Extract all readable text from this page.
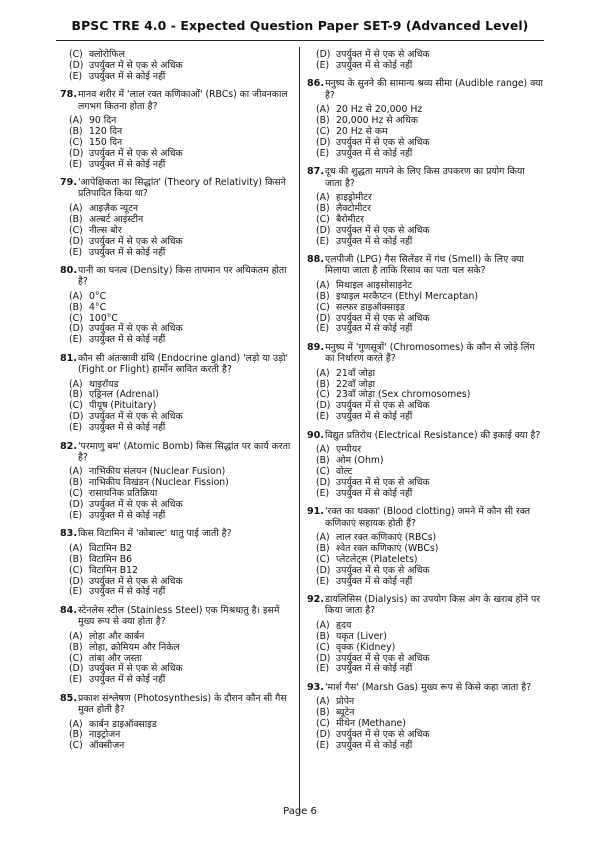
BPSC TRE 4.0 - Expected Question Paper SET-9 (Advanced Level)
(C) क्लोरोफिल
(D) उपर्युक्त में से एक से अधिक
(E) उपर्युक्त में से कोई नहीं
78. मानव शरीर में 'लाल रक्त कणिकाओं' (RBCs) का जीवनकाल लगभग कितना होता है?
(A) 90 दिन
(B) 120 दिन
(C) 150 दिन
(D) उपर्युक्त में से एक से अधिक
(E) उपर्युक्त में से कोई नहीं
79. 'आपेक्षिकता का सिद्धांत' (Theory of Relativity) किसने प्रतिपादित किया था?
(A) आइज़ैक न्यूटन
(B) अल्बर्ट आइंस्टीन
(C) नील्स बोर
(D) उपर्युक्त में से एक से अधिक
(E) उपर्युक्त में से कोई नहीं
80. पानी का घनत्व (Density) किस तापमान पर अधिकतम होता है?
(A) 0°C
(B) 4°C
(C) 100°C
(D) उपर्युक्त में से एक से अधिक
(E) उपर्युक्त में से कोई नहीं
81. कौन सी अंतःस्रावी ग्रंथि (Endocrine gland) 'लड़ो या उड़ो' (Fight or Flight) हार्मोन स्रावित करती है?
(A) थाइरॉयड
(B) एड्रिनल (Adrenal)
(C) पीयूष (Pituitary)
(D) उपर्युक्त में से एक से अधिक
(E) उपर्युक्त में से कोई नहीं
82. 'परमाणु बम' (Atomic Bomb) किस सिद्धांत पर कार्य करता है?
(A) नाभिकीय संलयन (Nuclear Fusion)
(B) नाभिकीय विखंडन (Nuclear Fission)
(C) रासायनिक प्रतिक्रिया
(D) उपर्युक्त में से एक से अधिक
(E) उपर्युक्त में से कोई नहीं
83. किस विटामिन में 'कोबाल्ट' धातु पाई जाती है?
(A) विटामिन B2
(B) विटामिन B6
(C) विटामिन B12
(D) उपर्युक्त में से एक से अधिक
(E) उपर्युक्त में से कोई नहीं
84. स्टेनलेस स्टील (Stainless Steel) एक मिश्रधातु है। इसमें मुख्य रूप से क्या होता है?
(A) लोहा और कार्बन
(B) लोहा, क्रोमियम और निकेल
(C) तांबा और जस्ता
(D) उपर्युक्त में से एक से अधिक
(E) उपर्युक्त में से कोई नहीं
85. प्रकाश संश्लेषण (Photosynthesis) के दौरान कौन सी गैस मुक्त होती है?
(A) कार्बन डाइऑक्साइड
(B) नाइट्रोजन
(C) ऑक्सीजन
(D) उपर्युक्त में से एक से अधिक
(E) उपर्युक्त में से कोई नहीं
86. मनुष्य के सुनने की सामान्य श्रव्य सीमा (Audible range) क्या है?
(A) 20 Hz से 20,000 Hz
(B) 20,000 Hz से अधिक
(C) 20 Hz से कम
(D) उपर्युक्त में से एक से अधिक
(E) उपर्युक्त में से कोई नहीं
87. दूध की शुद्धता मापने के लिए किस उपकरण का प्रयोग किया जाता है?
(A) हाइड्रोमीटर
(B) लैक्टोमीटर
(C) बैरोमीटर
(D) उपर्युक्त में से एक से अधिक
(E) उपर्युक्त में से कोई नहीं
88. एलपीजी (LPG) गैस सिलेंडर में गंध (Smell) के लिए क्या मिलाया जाता है ताकि रिसाव का पता चल सके?
(A) मिथाइल आइसोसाइनेट
(B) इथाइल मरकैप्टन (Ethyl Mercaptan)
(C) सल्फर डाइऑक्साइड
(D) उपर्युक्त में से एक से अधिक
(E) उपर्युक्त में से कोई नहीं
89. मनुष्य में 'गुणसूत्रों' (Chromosomes) के कौन से जोड़े लिंग का निर्धारण करते हैं?
(A) 21वाँ जोड़ा
(B) 22वाँ जोड़ा
(C) 23वाँ जोड़ा (Sex chromosomes)
(D) उपर्युक्त में से एक से अधिक
(E) उपर्युक्त में से कोई नहीं
90. विद्युत प्रतिरोध (Electrical Resistance) की इकाई क्या है?
(A) एम्पीयर
(B) ओम (Ohm)
(C) वोल्ट
(D) उपर्युक्त में से एक से अधिक
(E) उपर्युक्त में से कोई नहीं
91. 'रक्त का थक्का' (Blood clotting) जमने में कौन सी रक्त कणिकाएं सहायक होती हैं?
(A) लाल रक्त कणिकाएं (RBCs)
(B) श्वेत रक्त कणिकाएं (WBCs)
(C) प्लेटलेट्स (Platelets)
(D) उपर्युक्त में से एक से अधिक
(E) उपर्युक्त में से कोई नहीं
92. डायलिसिस (Dialysis) का उपयोग किस अंग के खराब होने पर किया जाता है?
(A) हृदय
(B) यकृत (Liver)
(C) वृक्क (Kidney)
(D) उपर्युक्त में से एक से अधिक
(E) उपर्युक्त में से कोई नहीं
93. 'मार्श गैस' (Marsh Gas) मुख्य रूप से किसे कहा जाता है?
(A) प्रोपेन
(B) ब्यूटेन
(C) मीथेन (Methane)
(D) उपर्युक्त में से एक से अधिक
(E) उपर्युक्त में से कोई नहीं
Page 6
